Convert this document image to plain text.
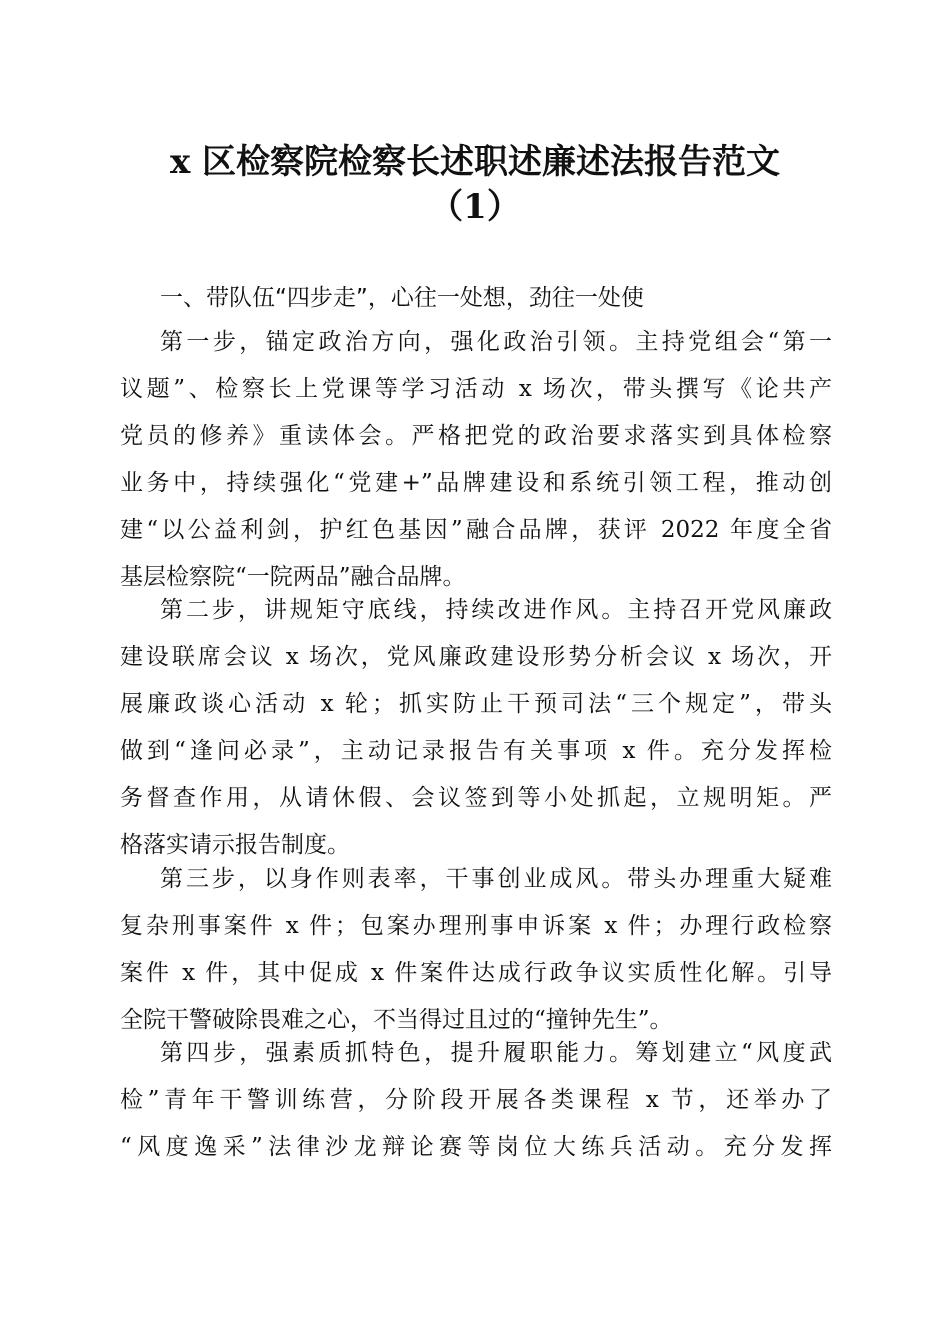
x 区检察院检察长述职述廉述法报告范文
（1）
一、带队伍“四步走”，心往一处想，劲往一处使
第一步，锚定政治方向，强化政治引领。主持党组会“第一
议题”、检察长上党课等学习活动 x 场次，带头撰写《论共产
党员的修养》重读体会。严格把党的政治要求落实到具体检察
业务中，持续强化“党建+”品牌建设和系统引领工程，推动创
建“以公益利剑，护红色基因”融合品牌，获评 2022 年度全省
基层检察院“一院两品”融合品牌。
第二步，讲规矩守底线，持续改进作风。主持召开党风廉政
建设联席会议 x 场次，党风廉政建设形势分析会议 x 场次，开
展廉政谈心活动 x 轮；抓实防止干预司法“三个规定”，带头
做到“逢问必录”，主动记录报告有关事项 x 件。充分发挥检
务督查作用，从请休假、会议签到等小处抓起，立规明矩。严
格落实请示报告制度。
第三步，以身作则表率，干事创业成风。带头办理重大疑难
复杂刑事案件 x 件；包案办理刑事申诉案 x 件；办理行政检察
案件 x 件，其中促成 x 件案件达成行政争议实质性化解。引导
全院干警破除畏难之心，不当得过且过的“撞钟先生”。
第四步，强素质抓特色，提升履职能力。筹划建立“风度武
检”青年干警训练营，分阶段开展各类课程 x 节，还举办了
“风度逸采”法律沙龙辩论赛等岗位大练兵活动。充分发挥
